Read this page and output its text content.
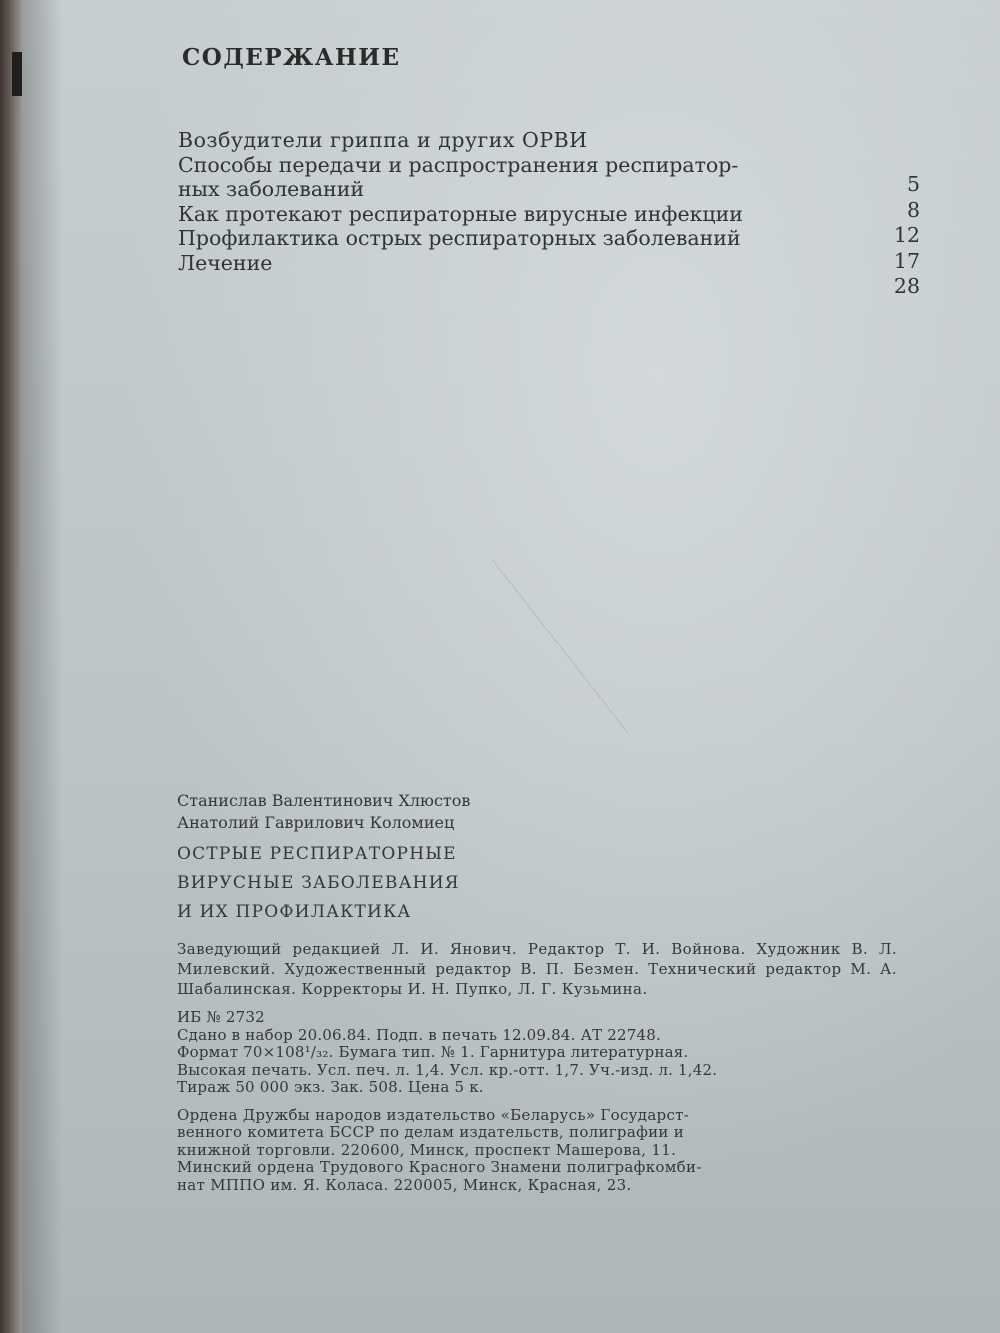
СОДЕРЖАНИЕ
Возбудители гриппа и других ОРВИ
Способы передачи и распространения респиратор-
ных заболеваний
Как протекают респираторные вирусные инфекции
Профилактика острых респираторных заболеваний
Лечение
5
8
12
17
28

Станислав Валентинович Хлюстов

Анатолий Гаврилович Коломиец

ОСТРЫЕ РЕСПИРАТОРНЫЕ
ВИРУСНЫЕ ЗАБОЛЕВАНИЯ
И ИХ ПРОФИЛАКТИКА

Заведующий редакцией Л. И. Янович. Редактор Т. И. Войнова. Художник В. Л. Милевский. Художественный редактор В. П. Безмен. Технический редактор М. А. Шабалинская. Корректоры И. Н. Пупко, Л. Г. Кузьмина.

ИБ № 2732
Сдано в набор 20.06.84. Подп. в печать 12.09.84. АТ 22748.
Формат 70×108¹/₃₂. Бумага тип. № 1. Гарнитура литературная.
Высокая печать. Усл. печ. л. 1,4. Усл. кр.-отт. 1,7. Уч.-изд. л. 1,42.
Тираж 50 000 экз. Зак. 508. Цена 5 к.
Ордена Дружбы народов издательство «Беларусь» Государст-
венного комитета БССР по делам издательств, полиграфии и
книжной торговли. 220600, Минск, проспект Машерова, 11.
Минский ордена Трудового Красного Знамени полиграфкомби-
нат МППО им. Я. Коласа. 220005, Минск, Красная, 23.
